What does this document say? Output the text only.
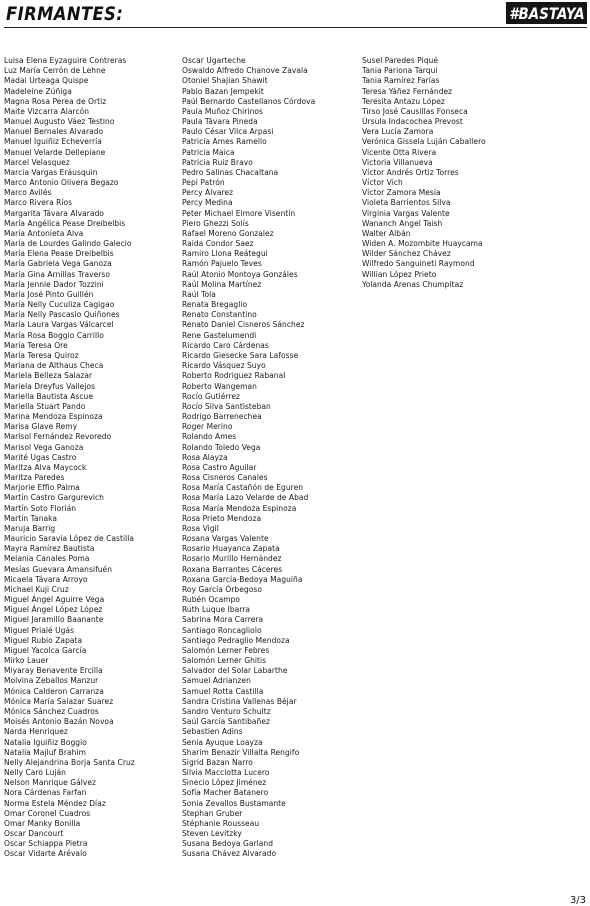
FIRMANTES:	#BASTAYA
Luisa Elena Eyzaguire Contreras
Luz María Cerrón de Lehne
Madai Urteaga Quispe
Madeleine Zúñiga
Magna Rosa Perea de Ortiz
Maite Vizcarra Alarcón
Manuel Augusto Váez Testino
Manuel Bernales Alvarado
Manuel Iguiñiz Echeverría
Manuel Velarde Dellepiane
Marcel Velasquez
Marcia Vargas Eráusquin
Marco Antonio Olivera Begazo
Marco Avilés
Marco Rivera Ríos
Margarita Távara Alvarado
María Angélica Pease Dreibelbis
María Antonieta Alva
María de Lourdes Galindo Galecio
María Elena Pease Dreibelbis
María Gabriela Vega Ganoza
María Gina Arnillas Traverso
María Jennie Dador Tozzini
María José Pinto Guillén
María Nelly Cuculiza Cagigao
María Nelly Pascasio Quiñones
María Laura Vargas Válcarcel
María Rosa Boggio Carrillo
María Teresa Ore
María Teresa Quiroz
Mariana de Althaus Checa
Mariela Belleza Salazar
Mariela Dreyfus Vallejos
Mariella Bautista Ascue
Mariella Stuart Pando
Marina Mendoza Espinoza
Marisa Glave Remy
Marisol Fernández Revoredo
Marisol Vega Ganoza
Marité Ugas Castro
Maritza Alva Maycock
Maritza Paredes
Marjorie Effio Palma
Martín Castro Gargurevich
Martín Soto Florián
Martín Tanaka
Maruja Barrig
Mauricio Saravia López de Castilla
Mayra Ramírez Bautista
Melania Canales Poma
Mesías Guevara Amansifuén
Micaela Távara Arroyo
Michael Kuji Cruz
Miguel Ángel Aguirre Vega
Miguel Ángel López López
Miguel Jaramillo Baanante
Miguel Prialé Ugás
Miguel Rubio Zapata
Miguel Yacolca García
Mirko Lauer
Miyaray Benavente Ercilla
Molvina Zeballos Manzur
Mónica Calderon Carranza
Mónica María Salazar Suarez
Mónica Sánchez Cuadros
Moisés Antonio Bazán Novoa
Narda Henriquez
Natalia Iguiñiz Boggio
Natalia Majluf Brahim
Nelly Alejandrina Borja Santa Cruz
Nelly Caro Luján
Nelson Manrique Gálvez
Nora Cárdenas Farfan
Norma Estela Méndez Díaz
Omar Coronel Cuadros
Omar Manky Bonilla
Oscar Dancourt
Oscar Schiappa Pietra
Oscar Vidarte Arévalo
Oscar Ugarteche
Oswaldo Alfredo Chanove Zavala
Otoniel Shajian Shawit
Pablo Bazan Jempekit
Paúl Bernardo Castellanos Córdova
Paula Muñoz Chirinos
Paula Távara Pineda
Paulo César Vilca Arpasi
Patricia Ames Ramello
Patricia Maica
Patricia Ruiz Bravo
Pedro Salinas Chacaltana
Pepi Patrón
Percy Álvarez
Percy Medina
Peter Michael Elmore Visentín
Piero Ghezzi Solís
Rafael Moreno Gonzalez
Raida Condor Saez
Ramiro Llona Reátegui
Ramón Pajuelo Teves
Raúl Atonio Montoya Gonzáles
Raúl Molina Martínez
Raúl Tola
Renata Bregaglio
Renato Constantino
Renato Daniel Cisneros Sánchez
Rene Gastelumendi
Ricardo Caro Cárdenas
Ricardo Giesecke Sara Lafosse
Ricardo Vásquez Suyo
Roberto Rodriguez Rabanal
Roberto Wangeman
Rocío Gutiérrez
Rocío Silva Santisteban
Rodrigo Barrenechea
Roger Merino
Rolando Ames
Rolando Toledo Vega
Rosa Alayza
Rosa Castro Aguilar
Rosa Cisneros Canales
Rosa María Castañón de Eguren
Rosa María Lazo Velarde de Abad
Rosa María Mendoza Espinoza
Rosa Prieto Mendoza
Rosa Vigil
Rosana Vargas Valente
Rosario Huayanca Zapata
Rosario Murillo Hernández
Roxana Barrantes Cáceres
Roxana García-Bedoya Maguiña
Roy García Órbegoso
Rubén Ocampo
Ruth Luque Ibarra
Sabrina Mora Carrera
Santiago Roncagliolo
Santiago Pedraglio Mendoza
Salomón Lerner Febres
Salomón Lerner Ghitis
Salvador del Solar Labarthe
Samuel Adrianzen
Samuel Rotta Castilla
Sandra Cristina Vallenas Béjar
Sandro Venturo Schultz
Saúl García Santibañez
Sebastien Adins
Senia Ayuque Loayza
Sharim Benazir Villalta Rengifo
Sigrid Bazan Narro
Silvia Macciotta Lucero
Sinecio López Jiménez
Sofía Macher Batanero
Sonia Zevallos Bustamante
Stephan Gruber
Stéphanie Rousseau
Steven Levitzky
Susana Bedoya Garland
Susana Chávez Alvarado
Susel Paredes Piqué
Tania Pariona Tarqui
Tania Ramírez Farías
Teresa Yáñez Fernández
Teresita Antazu López
Tirso José Causillas Fonseca
Úrsula Indacochea Prevost
Vera Lucía Zamora
Verónica Gissela Luján Caballero
Vicente Otta Rivera
Victoria Villanueva
Víctor Andrés Ortiz Torres
Víctor Vich
Víctor Zamora Mesía
Violeta Barrientos Silva
Virginia Vargas Valente
Wananch Angel Taish
Walter Albán
Widen A. Mozombite Huaycama
Wilder Sánchez Chávez
Wilfredo Sanguineti Raymond
Willian López Prieto
Yolanda Arenas Chumpitaz
3/3
